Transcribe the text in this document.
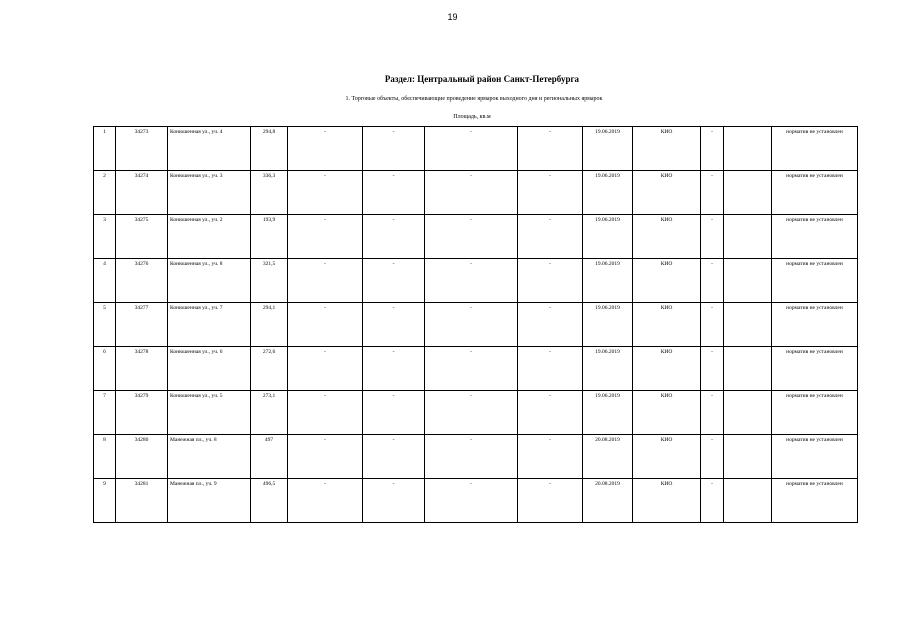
19
Раздел: Центральный район Санкт-Петербурга
1. Торговые объекты, обеспечивающие проведение ярмарок выходного дня и региональных ярмарок
Площадь, кв.м
1	34273	Конюшенная ул., уч. 4	294,8	-	-	-	-	19.06.2019	КИО	-		норматив не установлен
2	34274	Конюшенная ул., уч. 3	336,3	-	-	-	-	19.06.2019	КИО	-		норматив не установлен
3	34275	Конюшенная ул., уч. 2	193,9	-	-	-	-	19.06.2019	КИО	-		норматив не установлен
4	34276	Конюшенная ул., уч. 8	321,5	-	-	-	-	19.06.2019	КИО	-		норматив не установлен
5	34277	Конюшенная ул., уч. 7	294,1	-	-	-	-	19.06.2019	КИО	-		норматив не установлен
6	34278	Конюшенная ул., уч. 6	272,6	-	-	-	-	19.06.2019	КИО	-		норматив не установлен
7	34279	Конюшенная ул., уч. 5	273,1	-	-	-	-	19.06.2019	КИО	-		норматив не установлен
8	34280	Манежная пл., уч. 8	497	-	-	-	-	20.08.2019	КИО	-		норматив не установлен
9	34281	Манежная пл., уч. 9	496,5	-	-	-	-	20.08.2019	КИО	-		норматив не установлен
